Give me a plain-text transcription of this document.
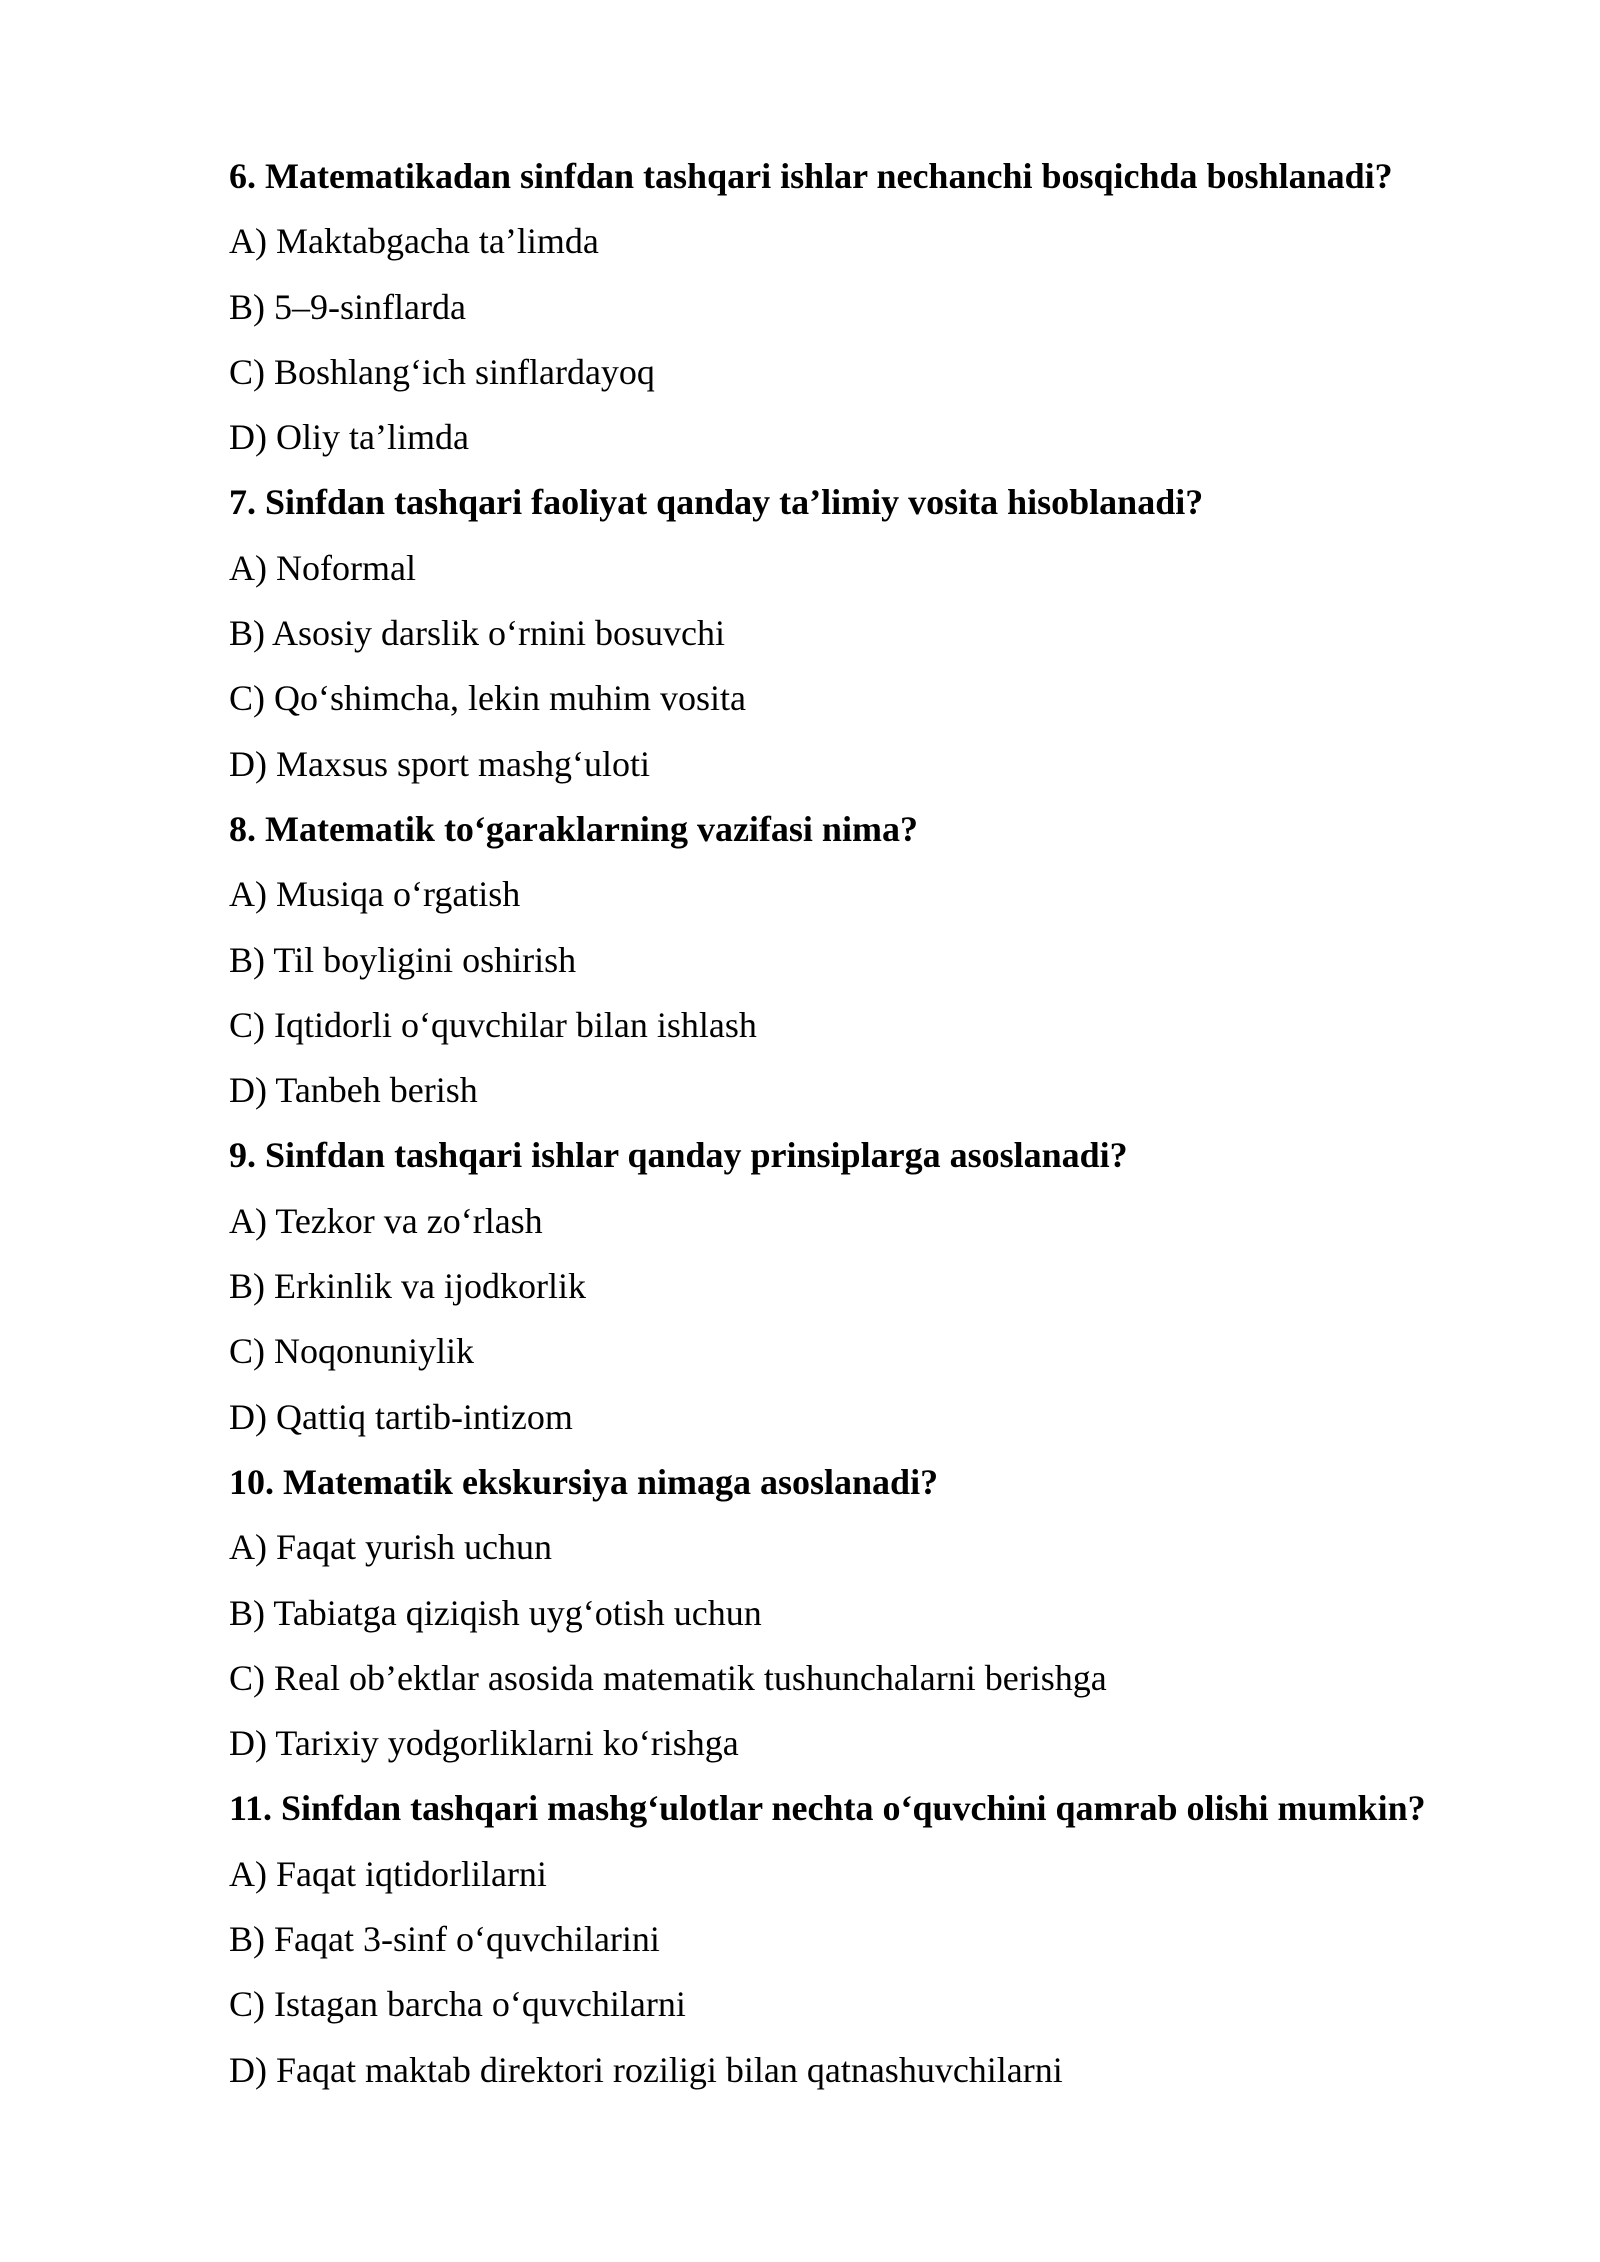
6. Matematikadan sinfdan tashqari ishlar nechanchi bosqichda boshlanadi?
A) Maktabgacha ta’limda
B) 5–9-sinflarda
C) Boshlang‘ich sinflardayoq
D) Oliy ta’limda
7. Sinfdan tashqari faoliyat qanday ta’limiy vosita hisoblanadi?
A) Noformal
B) Asosiy darslik o‘rnini bosuvchi
C) Qo‘shimcha, lekin muhim vosita
D) Maxsus sport mashg‘uloti
8. Matematik to‘garaklarning vazifasi nima?
A) Musiqa o‘rgatish
B) Til boyligini oshirish
C) Iqtidorli o‘quvchilar bilan ishlash
D) Tanbeh berish
9. Sinfdan tashqari ishlar qanday prinsiplarga asoslanadi?
A) Tezkor va zo‘rlash
B) Erkinlik va ijodkorlik
C) Noqonuniylik
D) Qattiq tartib-intizom
10. Matematik ekskursiya nimaga asoslanadi?
A) Faqat yurish uchun
B) Tabiatga qiziqish uyg‘otish uchun
C) Real ob’ektlar asosida matematik tushunchalarni berishga
D) Tarixiy yodgorliklarni ko‘rishga
11. Sinfdan tashqari mashg‘ulotlar nechta o‘quvchini qamrab olishi mumkin?
A) Faqat iqtidorlilarni
B) Faqat 3-sinf o‘quvchilarini
C) Istagan barcha o‘quvchilarni
D) Faqat maktab direktori roziligi bilan qatnashuvchilarni
